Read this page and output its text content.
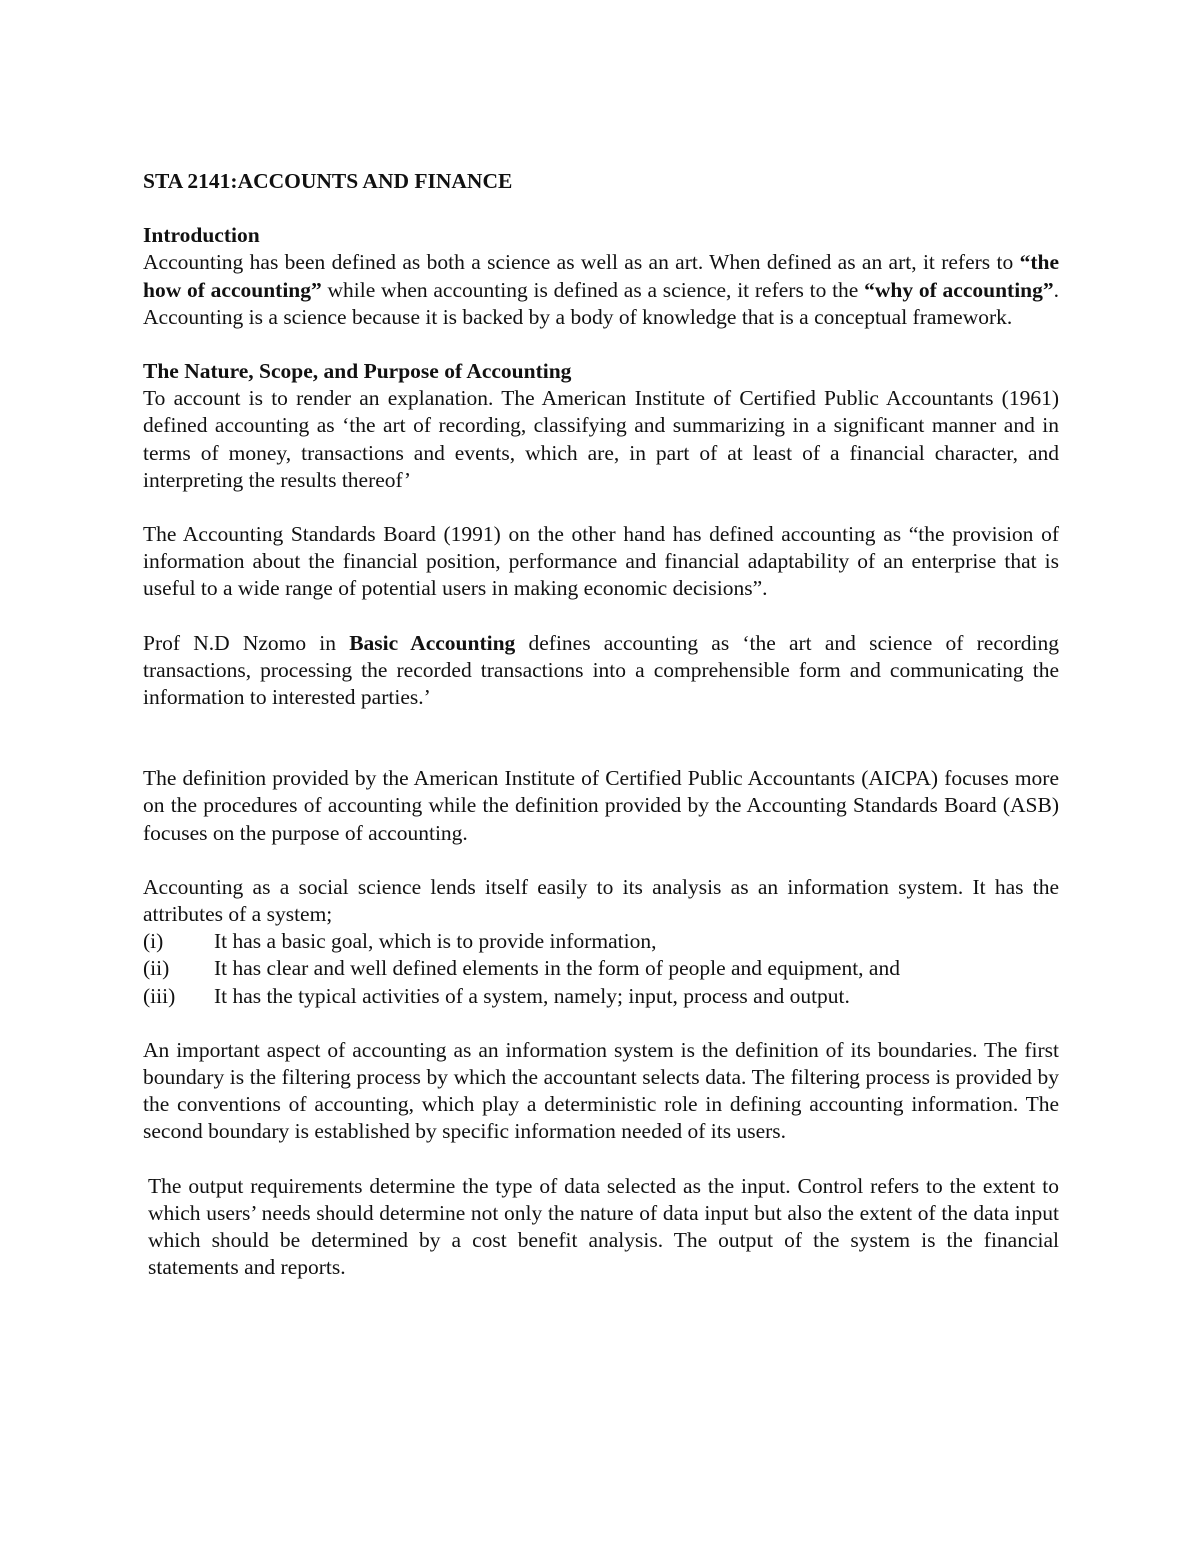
STA 2141:ACCOUNTS AND FINANCE

Introduction

Accounting has been defined as both a science as well as an art. When defined as an art, it refers to “the how of accounting” while when accounting is defined as a science, it refers to the “why of accounting”. Accounting is a science because it is backed by a body of knowledge that is a conceptual framework.

The Nature, Scope, and Purpose of Accounting

To account is to render an explanation. The American Institute of Certified Public Accountants (1961) defined accounting as ‘the art of recording, classifying and summarizing in a significant manner and in terms of money, transactions and events, which are, in part of at least of a financial character, and interpreting the results thereof’

The Accounting Standards Board (1991) on the other hand has defined accounting as “the provision of information about the financial position, performance and financial adaptability of an enterprise that is useful to a wide range of potential users in making economic decisions”.

Prof N.D Nzomo in Basic Accounting defines accounting as ‘the art and science of recording transactions, processing the recorded transactions into a comprehensible form and communicating the information to interested parties.’

The definition provided by the American Institute of Certified Public Accountants (AICPA) focuses more on the procedures of accounting while the definition provided by the Accounting Standards Board (ASB) focuses on the purpose of accounting.

Accounting as a social science lends itself easily to its analysis as an information system. It has the attributes of a system;

(i)	It has a basic goal, which is to provide information,
(ii)	It has clear and well defined elements in the form of people and equipment, and
(iii)	It has the typical activities of a system, namely; input, process and output.

An important aspect of accounting as an information system is the definition of its boundaries. The first boundary is the filtering process by which the accountant selects data. The filtering process is provided by the conventions of accounting, which play a deterministic role in defining accounting information. The second boundary is established by specific information needed of its users.

The output requirements determine the type of data selected as the input. Control refers to the extent to which users’ needs should determine not only the nature of data input but also the extent of the data input which should be determined by a cost benefit analysis. The output of the system is the financial statements and reports.
